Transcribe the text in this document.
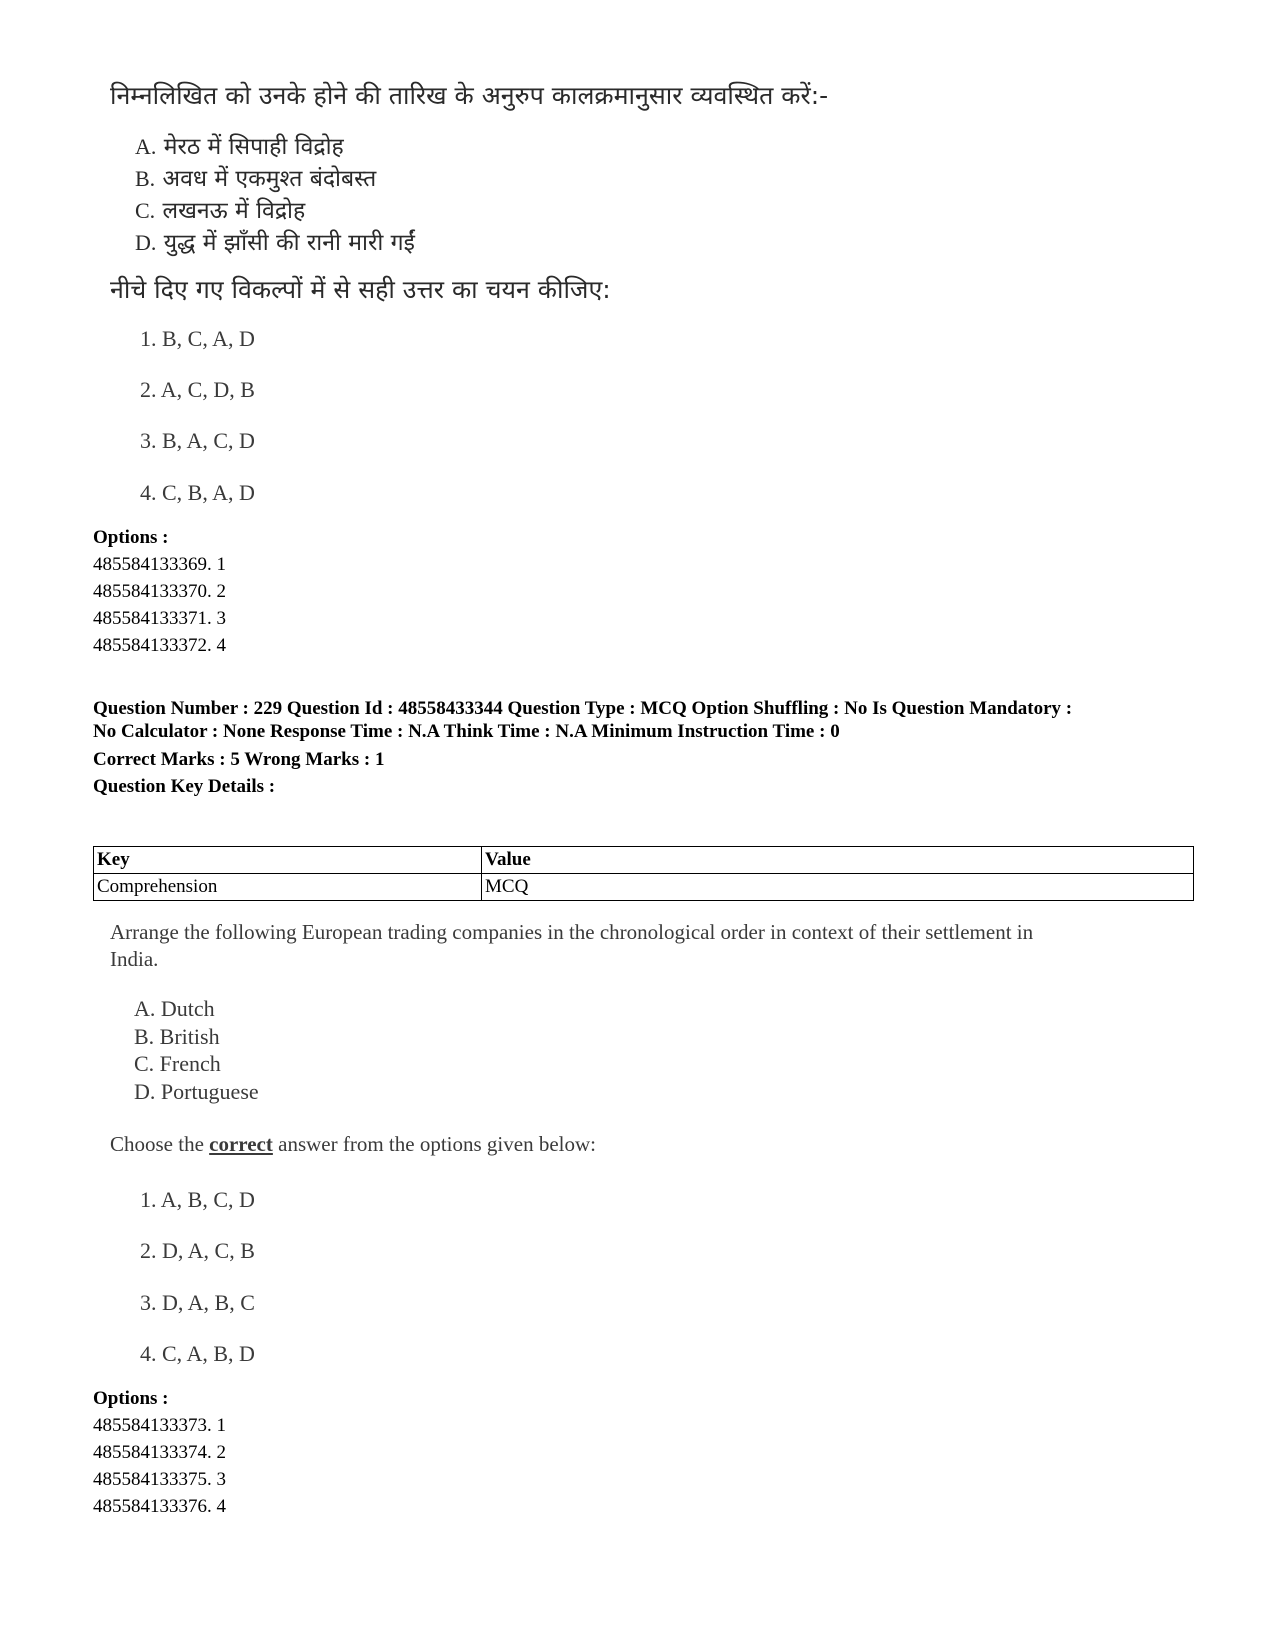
निम्नलिखित को उनके होने की तारिख के अनुरुप कालक्रमानुसार व्यवस्थित करें:-
A. मेरठ में सिपाही विद्रोह
B. अवध में एकमुश्त बंदोबस्त
C. लखनऊ में विद्रोह
D. युद्ध में झाँसी की रानी मारी गईं
नीचे दिए गए विकल्पों में से सही उत्तर का चयन कीजिए:
1. B, C, A, D
2. A, C, D, B
3. B, A, C, D
4. C, B, A, D
Options :
485584133369. 1
485584133370. 2
485584133371. 3
485584133372. 4
Question Number : 229 Question Id : 48558433344 Question Type : MCQ Option Shuffling : No Is Question Mandatory :
No Calculator : None Response Time : N.A Think Time : N.A Minimum Instruction Time : 0
Correct Marks : 5 Wrong Marks : 1
Question Key Details :
Key	Value
Comprehension	MCQ
Arrange the following European trading companies in the chronological order in context of their settlement in
India.
A. Dutch
B. British
C. French
D. Portuguese
Choose the correct answer from the options given below:
1. A, B, C, D
2. D, A, C, B
3. D, A, B, C
4. C, A, B, D
Options :
485584133373. 1
485584133374. 2
485584133375. 3
485584133376. 4
